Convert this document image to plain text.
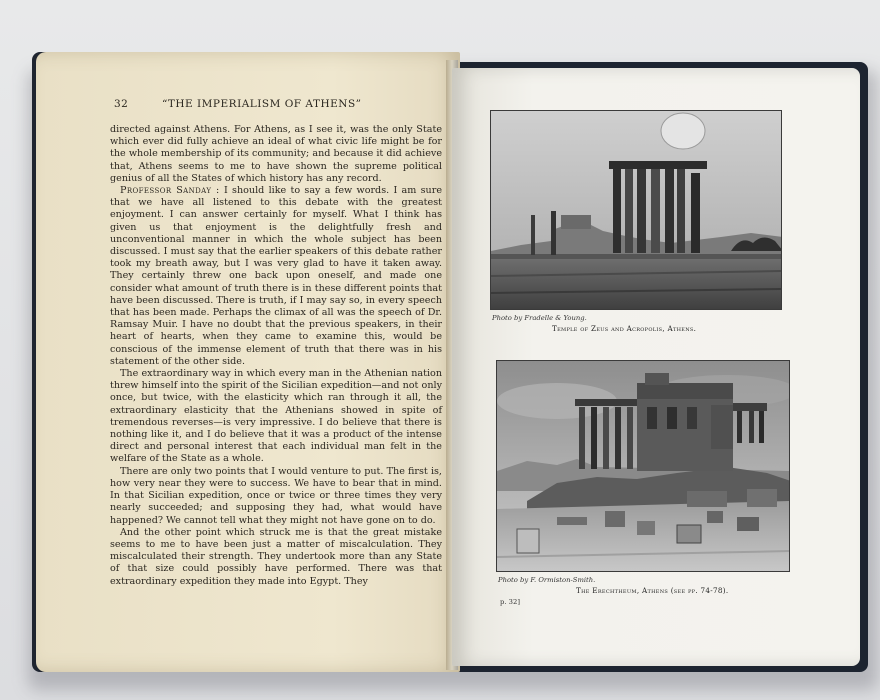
32	“THE IMPERIALISM OF ATHENS”

directed against Athens. For Athens, as I see it, was the only State which ever did fully achieve an ideal of what civic life might be for the whole membership of its community; and because it did achieve that, Athens seems to me to have shown the supreme political genius of all the States of which history has any record.

Professor Sanday : I should like to say a few words. I am sure that we have all listened to this debate with the greatest enjoyment. I can answer certainly for myself. What I think has given us that enjoyment is the delightfully fresh and unconventional manner in which the whole subject has been discussed. I must say that the earlier speakers of this debate rather took my breath away, but I was very glad to have it taken away. They certainly threw one back upon oneself, and made one consider what amount of truth there is in these different points that have been discussed. There is truth, if I may say so, in every speech that has been made. Perhaps the climax of all was the speech of Dr. Ramsay Muir. I have no doubt that the previous speakers, in their heart of hearts, when they came to examine this, would be conscious of the immense element of truth that there was in his statement of the other side.

The extraordinary way in which every man in the Athenian nation threw himself into the spirit of the Sicilian expedition—and not only once, but twice, with the elasticity which ran through it all, the extraordinary elasticity that the Athenians showed in spite of tremendous reverses—is very impressive. I do believe that there is nothing like it, and I do believe that it was a product of the intense direct and personal interest that each individual man felt in the welfare of the State as a whole.

There are only two points that I would venture to put. The first is, how very near they were to success. We have to bear that in mind. In that Sicilian expedition, once or twice or three times they very nearly succeeded; and supposing they had, what would have happened? We cannot tell what they might not have gone on to do.

And the other point which struck me is that the great mistake seems to me to have been just a matter of miscalculation. They miscalculated their strength. They undertook more than any State of that size could possibly have performed. There was that extraordinary expedition they made into Egypt. They

Photo by Fradelle & Young.
Temple of Zeus and Acropolis, Athens.
Photo by F. Ormiston-Smith.
The Erechtheum, Athens (see pp. 74-78).
p. 32]
